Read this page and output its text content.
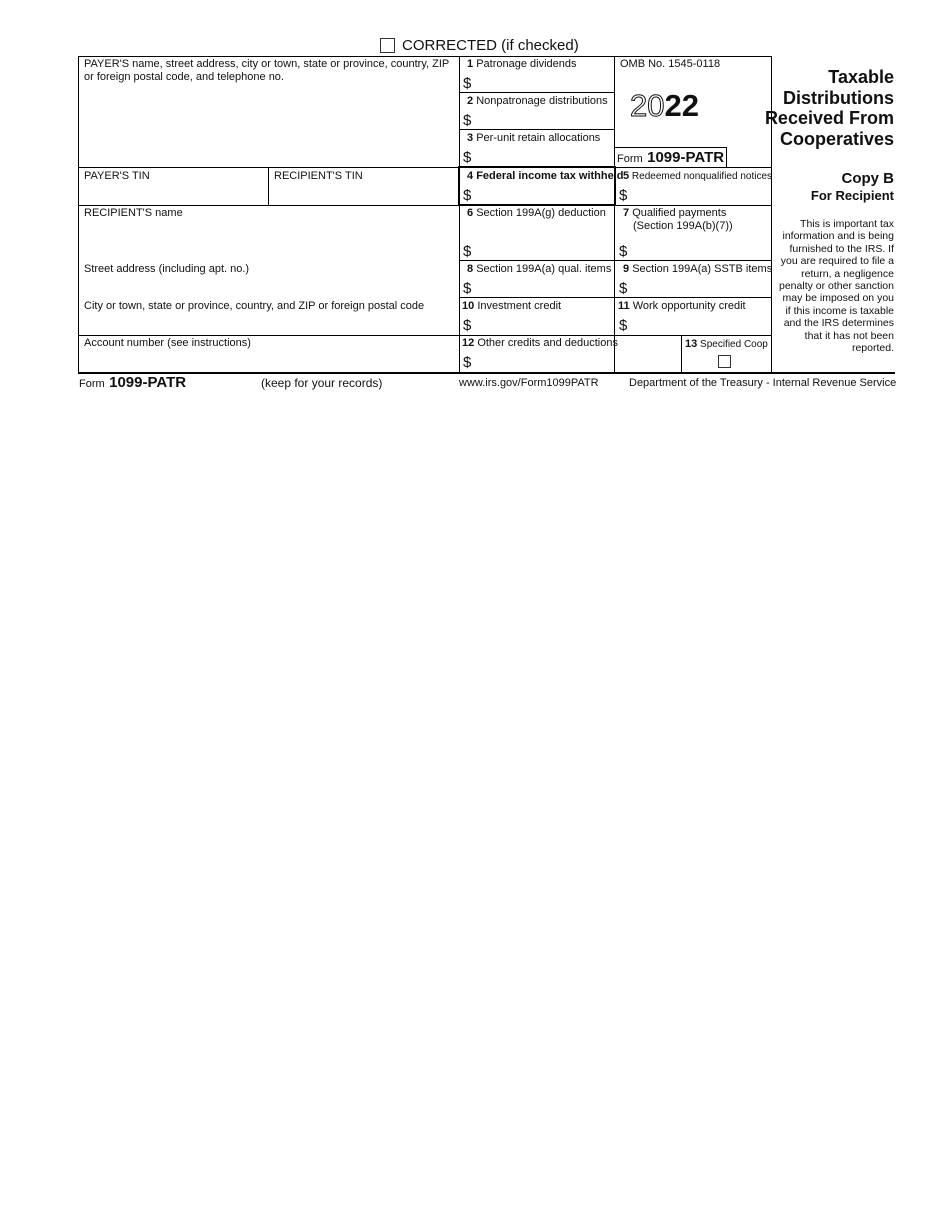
CORRECTED (if checked)
PAYER'S name, street address, city or town, state or province, country, ZIP or foreign postal code, and telephone no.
PAYER'S TIN	RECIPIENT'S TIN
RECIPIENT'S name
Street address (including apt. no.)
City or town, state or province, country, and ZIP or foreign postal code
Account number (see instructions)
1 Patronage dividends
$
2 Nonpatronage distributions
$
3 Per-unit retain allocations
$
OMB No. 1545-0118
2022
Form 1099-PATR
Taxable
Distributions
Received From
Cooperatives
4 Federal income tax withheld
$
5 Redeemed nonqualified notices
$
Copy B
For Recipient
This is important tax information and is being furnished to the IRS. If you are required to file a return, a negligence penalty or other sanction may be imposed on you if this income is taxable and the IRS determines that it has not been reported.
6 Section 199A(g) deduction
$
7 Qualified payments
(Section 199A(b)(7))
$
8 Section 199A(a) qual. items
$
9 Section 199A(a) SSTB items
$
10 Investment credit
$
11 Work opportunity credit
$
12 Other credits and deductions
$
13 Specified Coop
Form 1099-PATR	(keep for your records)	www.irs.gov/Form1099PATR	Department of the Treasury - Internal Revenue Service
